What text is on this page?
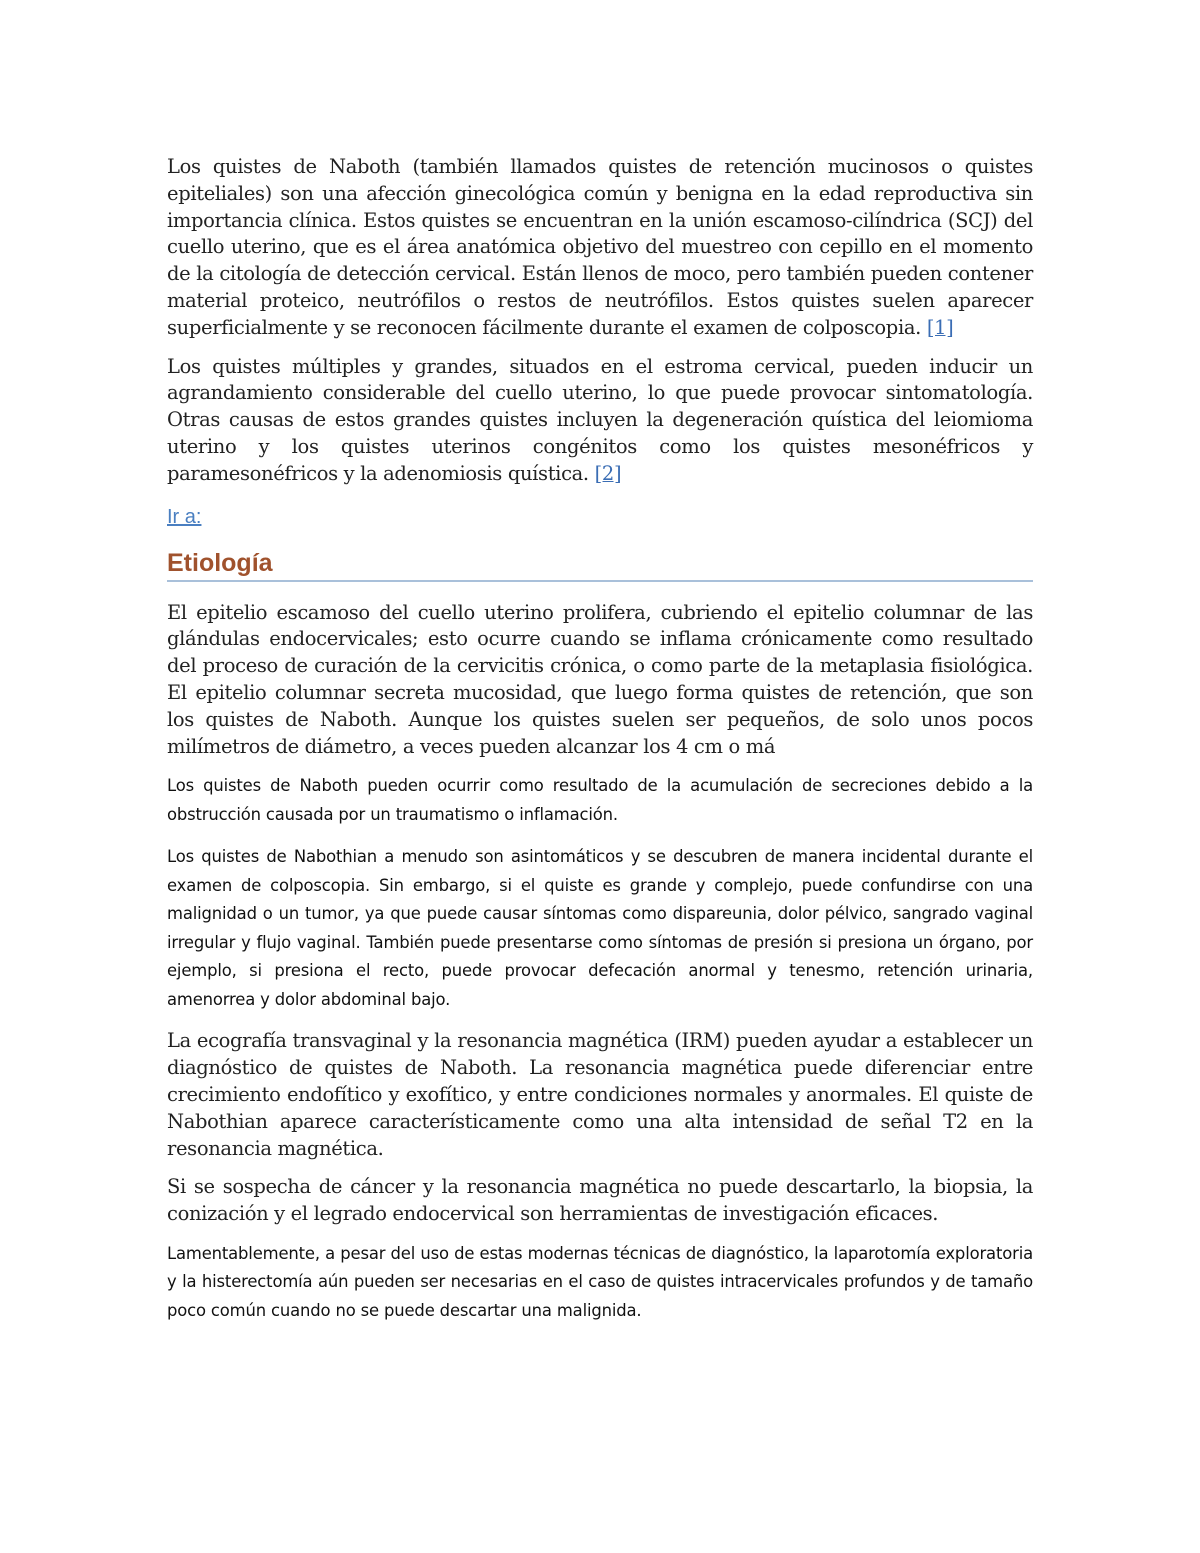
Los quistes de Naboth (también llamados quistes de retención mucinosos o quistes epiteliales) son una afección ginecológica común y benigna en la edad reproductiva sin importancia clínica. Estos quistes se encuentran en la unión escamoso-cilíndrica (SCJ) del cuello uterino, que es el área anatómica objetivo del muestreo con cepillo en el momento de la citología de detección cervical. Están llenos de moco, pero también pueden contener material proteico, neutrófilos o restos de neutrófilos. Estos quistes suelen aparecer superficialmente y se reconocen fácilmente durante el examen de colposcopia. [1]

Los quistes múltiples y grandes, situados en el estroma cervical, pueden inducir un agrandamiento considerable del cuello uterino, lo que puede provocar sintomatología. Otras causas de estos grandes quistes incluyen la degeneración quística del leiomioma uterino y los quistes uterinos congénitos como los quistes mesonéfricos y paramesonéfricos y la adenomiosis quística. [2]

Ir a:
Etiología

El epitelio escamoso del cuello uterino prolifera, cubriendo el epitelio columnar de las glándulas endocervicales; esto ocurre cuando se inflama crónicamente como resultado del proceso de curación de la cervicitis crónica, o como parte de la metaplasia fisiológica. El epitelio columnar secreta mucosidad, que luego forma quistes de retención, que son los quistes de Naboth. Aunque los quistes suelen ser pequeños, de solo unos pocos milímetros de diámetro, a veces pueden alcanzar los 4 cm o má

Los quistes de Naboth pueden ocurrir como resultado de la acumulación de secreciones debido a la obstrucción causada por un traumatismo o inflamación.

Los quistes de Nabothian a menudo son asintomáticos y se descubren de manera incidental durante el examen de colposcopia. Sin embargo, si el quiste es grande y complejo, puede confundirse con una malignidad o un tumor, ya que puede causar síntomas como dispareunia, dolor pélvico, sangrado vaginal irregular y flujo vaginal. También puede presentarse como síntomas de presión si presiona un órgano, por ejemplo, si presiona el recto, puede provocar defecación anormal y tenesmo, retención urinaria, amenorrea y dolor abdominal bajo.

La ecografía transvaginal y la resonancia magnética (IRM) pueden ayudar a establecer un diagnóstico de quistes de Naboth. La resonancia magnética puede diferenciar entre crecimiento endofítico y exofítico, y entre condiciones normales y anormales. El quiste de Nabothian aparece característicamente como una alta intensidad de señal T2 en la resonancia magnética.

Si se sospecha de cáncer y la resonancia magnética no puede descartarlo, la biopsia, la conización y el legrado endocervical son herramientas de investigación eficaces.

Lamentablemente, a pesar del uso de estas modernas técnicas de diagnóstico, la laparotomía exploratoria y la histerectomía aún pueden ser necesarias en el caso de quistes intracervicales profundos y de tamaño poco común cuando no se puede descartar una malignida.
